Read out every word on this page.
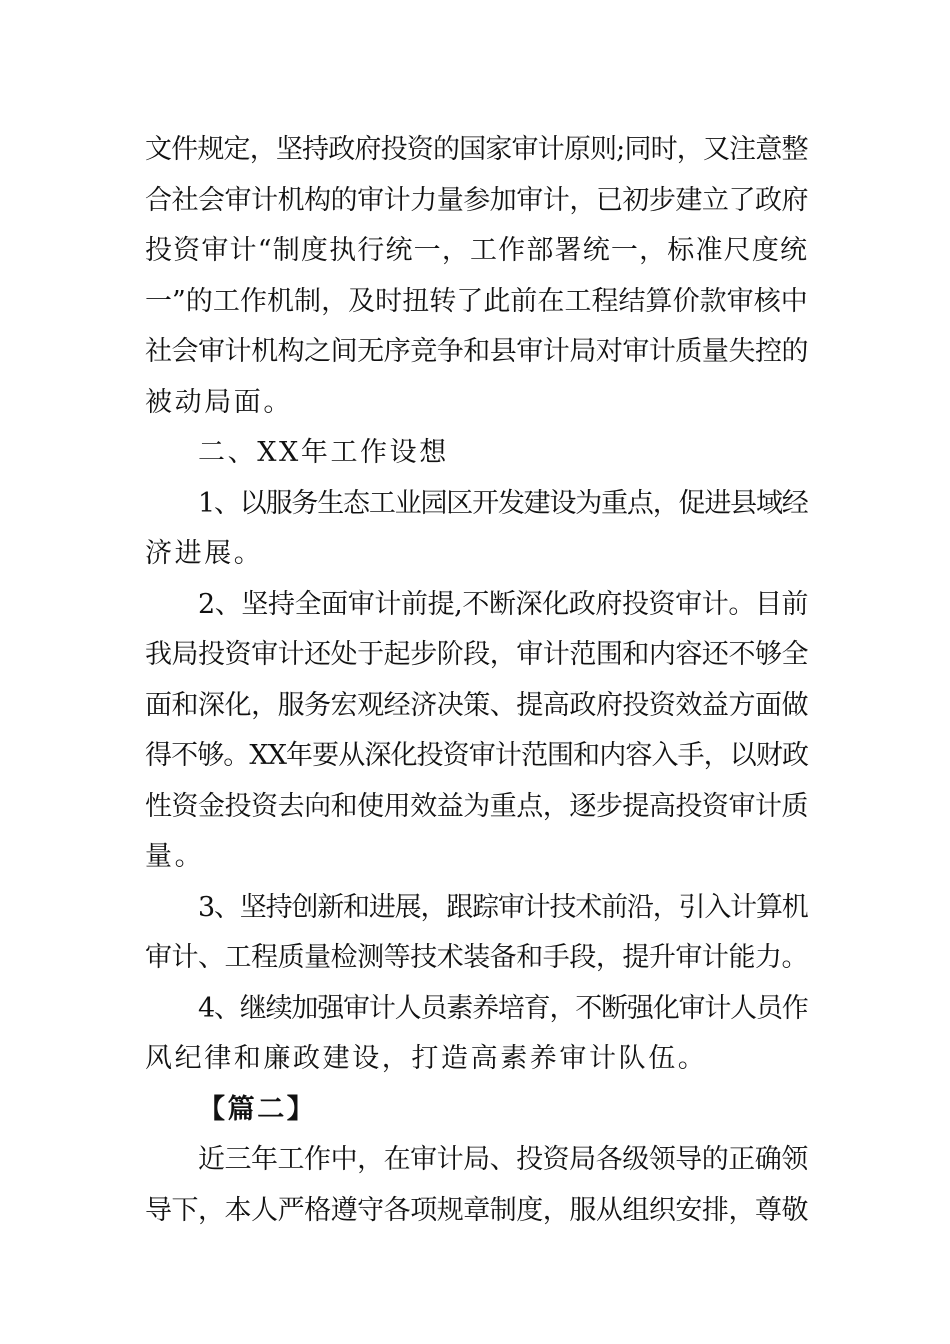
文件规定，坚持政府投资的国家审计原则;同时，又注意整
合社会审计机构的审计力量参加审计，已初步建立了政府
投资审计“制度执行统一，工作部署统一，标准尺度统
一”的工作机制，及时扭转了此前在工程结算价款审核中
社会审计机构之间无序竞争和县审计局对审计质量失控的
被动局面。
二、XX年工作设想
1、以服务生态工业园区开发建设为重点，促进县域经
济进展。
2、坚持全面审计前提,不断深化政府投资审计。目前
我局投资审计还处于起步阶段，审计范围和内容还不够全
面和深化，服务宏观经济决策、提高政府投资效益方面做
得不够。XX年要从深化投资审计范围和内容入手，以财政
性资金投资去向和使用效益为重点，逐步提高投资审计质
量。
3、坚持创新和进展，跟踪审计技术前沿，引入计算机
审计、工程质量检测等技术装备和手段，提升审计能力。
4、继续加强审计人员素养培育，不断强化审计人员作
风纪律和廉政建设，打造高素养审计队伍。
【篇二】
近三年工作中，在审计局、投资局各级领导的正确领
导下，本人严格遵守各项规章制度，服从组织安排，尊敬
